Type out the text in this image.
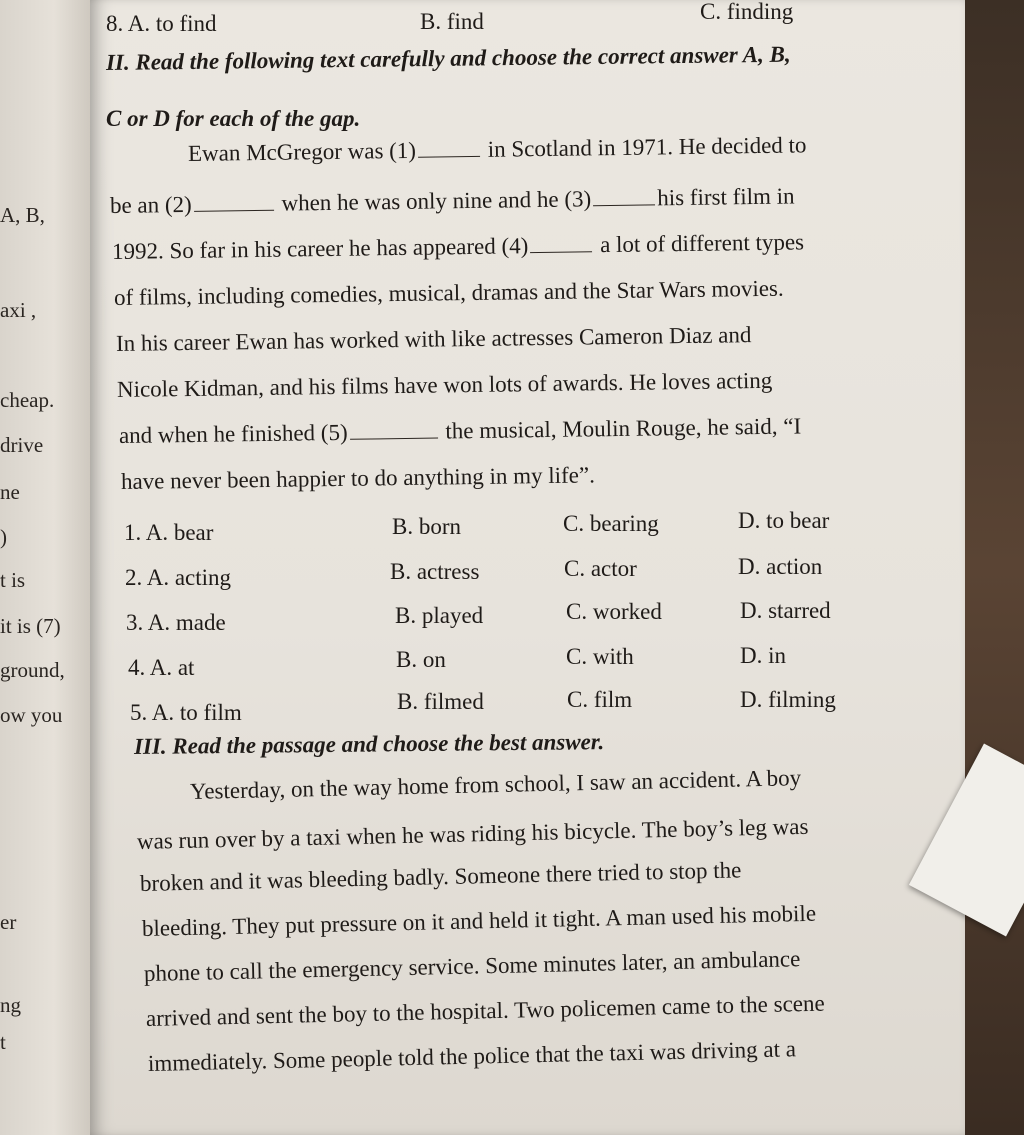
A, B,
axi ,
cheap.
drive
ne
)
t is
it is (7)
ground,
ow you
er
ng
t
8. A. to find	B. find	C. finding
II. Read the following text carefully and choose the correct answer A, B,
C or D for each of the gap.
Ewan McGregor was (1)	in Scotland in 1971. He decided to
be an (2)	when he was only nine and he (3)	his first film in
1992. So far in his career he has appeared (4)	a lot of different types
of films, including comedies, musical, dramas and the Star Wars movies.
In his career Ewan has worked with like actresses Cameron Diaz and
Nicole Kidman, and his films have won lots of awards. He loves acting
and when he finished (5)	the musical, Moulin Rouge, he said, “I
have never been happier to do anything in my life”.
1. A. bear	B. born	C. bearing	D. to bear
2. A. acting	B. actress	C. actor	D. action
3. A. made	B. played	C. worked	D. starred
4. A. at	B. on	C. with	D. in
5. A. to film	B. filmed	C. film	D. filming
III. Read the passage and choose the best answer.
Yesterday, on the way home from school, I saw an accident. A boy
was run over by a taxi when he was riding his bicycle. The boy’s leg was
broken and it was bleeding badly. Someone there tried to stop the
bleeding. They put pressure on it and held it tight. A man used his mobile
phone to call the emergency service. Some minutes later, an ambulance
arrived and sent the boy to the hospital. Two policemen came to the scene
immediately. Some people told the police that the taxi was driving at a
